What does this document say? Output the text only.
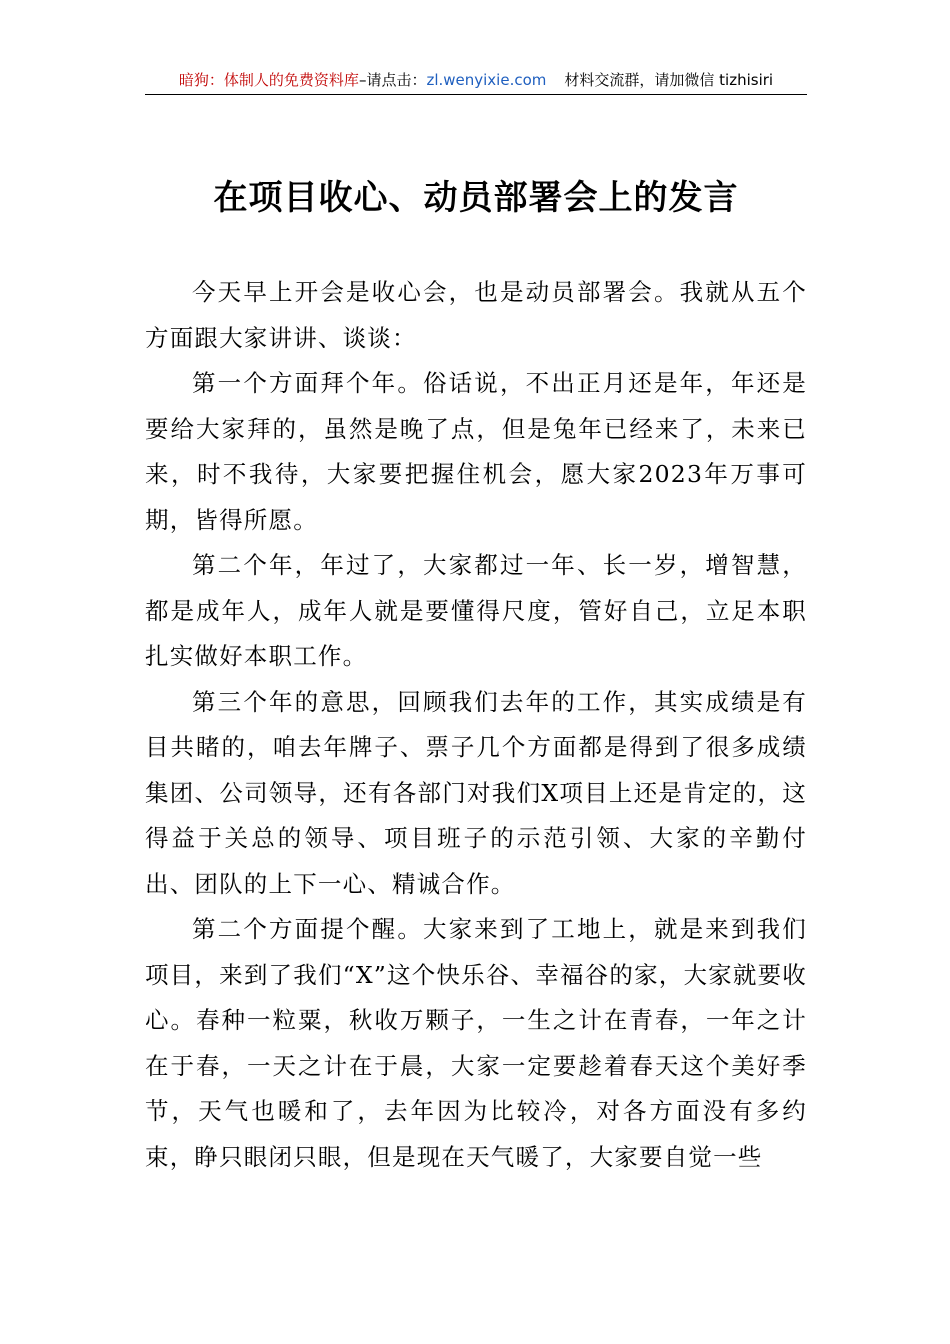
暗狗：体制人的免费资料库–请点击：zl.wenyixie.com 材料交流群，请加微信 tizhisiri
在项目收心、动员部署会上的发言

今天早上开会是收心会，也是动员部署会。我就从五个方面跟大家讲讲、谈谈：

第一个方面拜个年。俗话说，不出正月还是年，年还是要给大家拜的，虽然是晚了点，但是兔年已经来了，未来已来，时不我待，大家要把握住机会，愿大家2023年万事可期，皆得所愿。

第二个年，年过了，大家都过一年、长一岁，增智慧，都是成年人，成年人就是要懂得尺度，管好自己，立足本职扎实做好本职工作。

第三个年的意思，回顾我们去年的工作，其实成绩是有目共睹的，咱去年牌子、票子几个方面都是得到了很多成绩集团、公司领导，还有各部门对我们X项目上还是肯定的，这得益于关总的领导、项目班子的示范引领、大家的辛勤付出、团队的上下一心、精诚合作。

第二个方面提个醒。大家来到了工地上，就是来到我们项目，来到了我们“X”这个快乐谷、幸福谷的家，大家就要收心。春种一粒粟，秋收万颗子，一生之计在青春，一年之计在于春，一天之计在于晨，大家一定要趁着春天这个美好季节，天气也暖和了，去年因为比较冷，对各方面没有多约束，睁只眼闭只眼，但是现在天气暖了，大家要自觉一些
